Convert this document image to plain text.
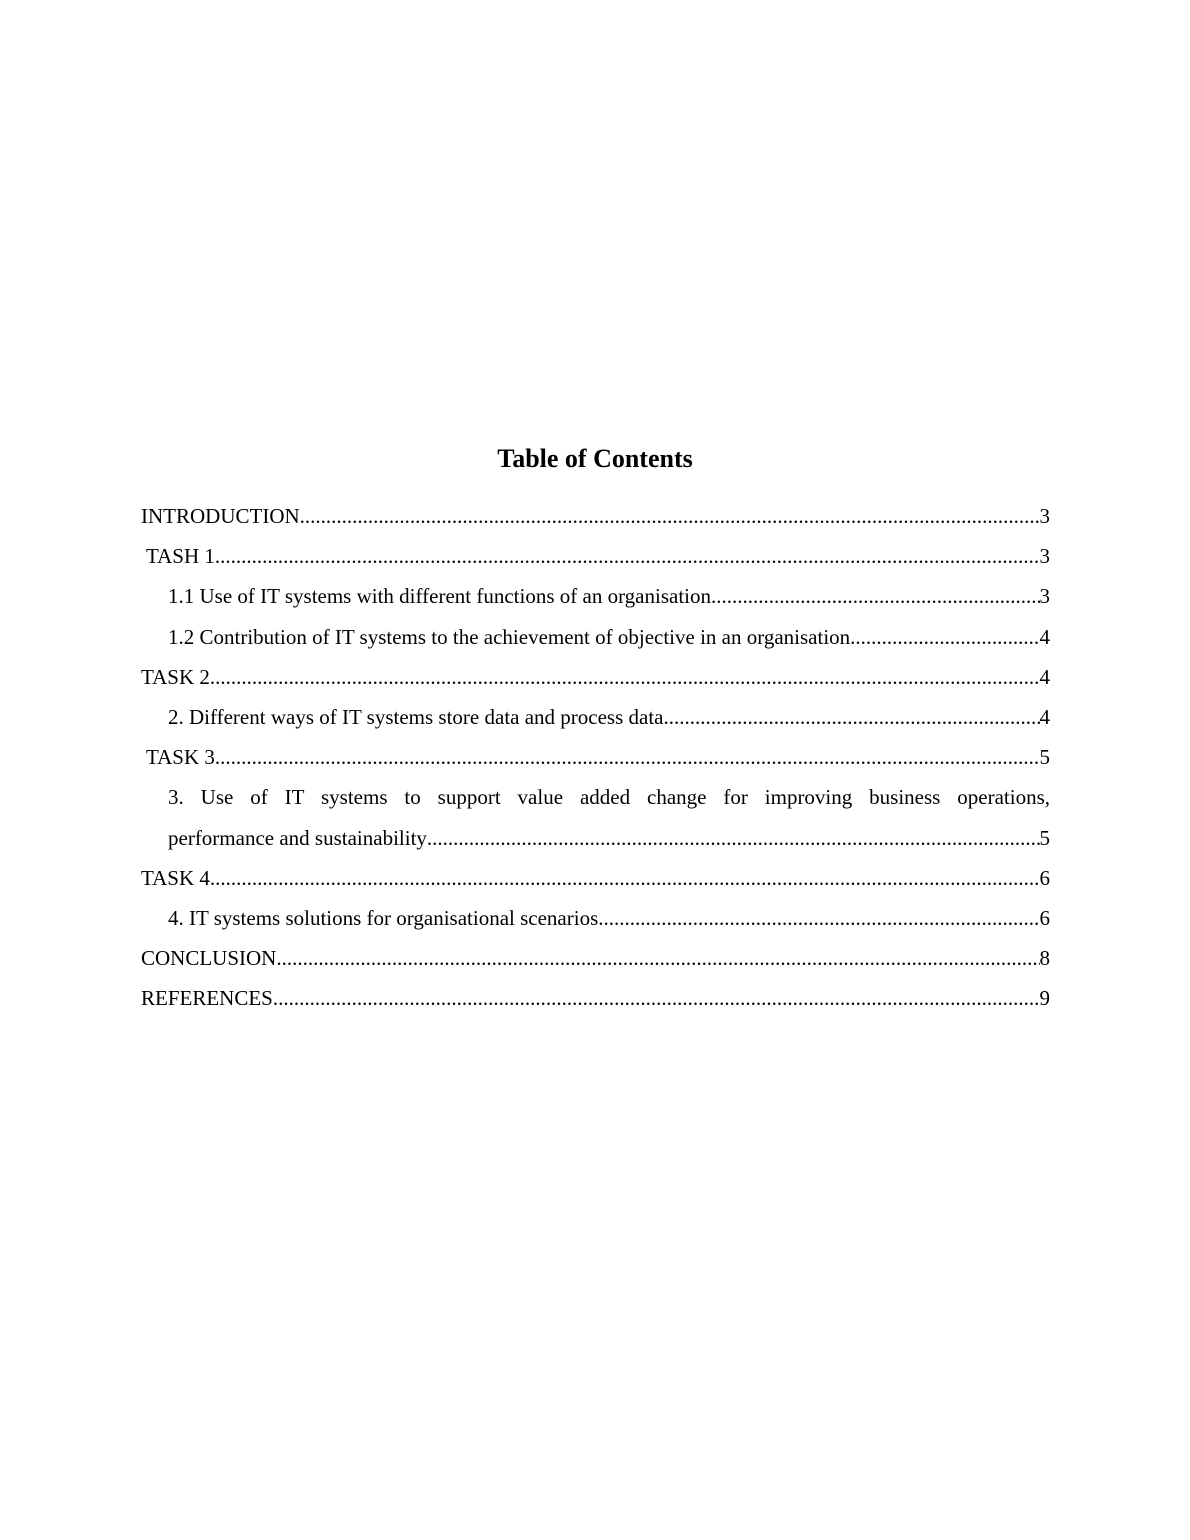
Table of Contents
INTRODUCTION .....	3
TASH 1 .....	3
1.1 Use of IT systems with different functions of an organisation .....	3
1.2 Contribution of IT systems to the achievement of objective in an organisation .....	4
TASK 2 .....	4
2. Different ways of IT systems store data and process data .....	4
TASK 3 .....	5
3. Use of IT systems to support value added change for improving business operations,
performance and sustainability .....	5
TASK 4 .....	6
4. IT systems solutions for organisational scenarios .....	6
CONCLUSION .....	8
REFERENCES .....	9
